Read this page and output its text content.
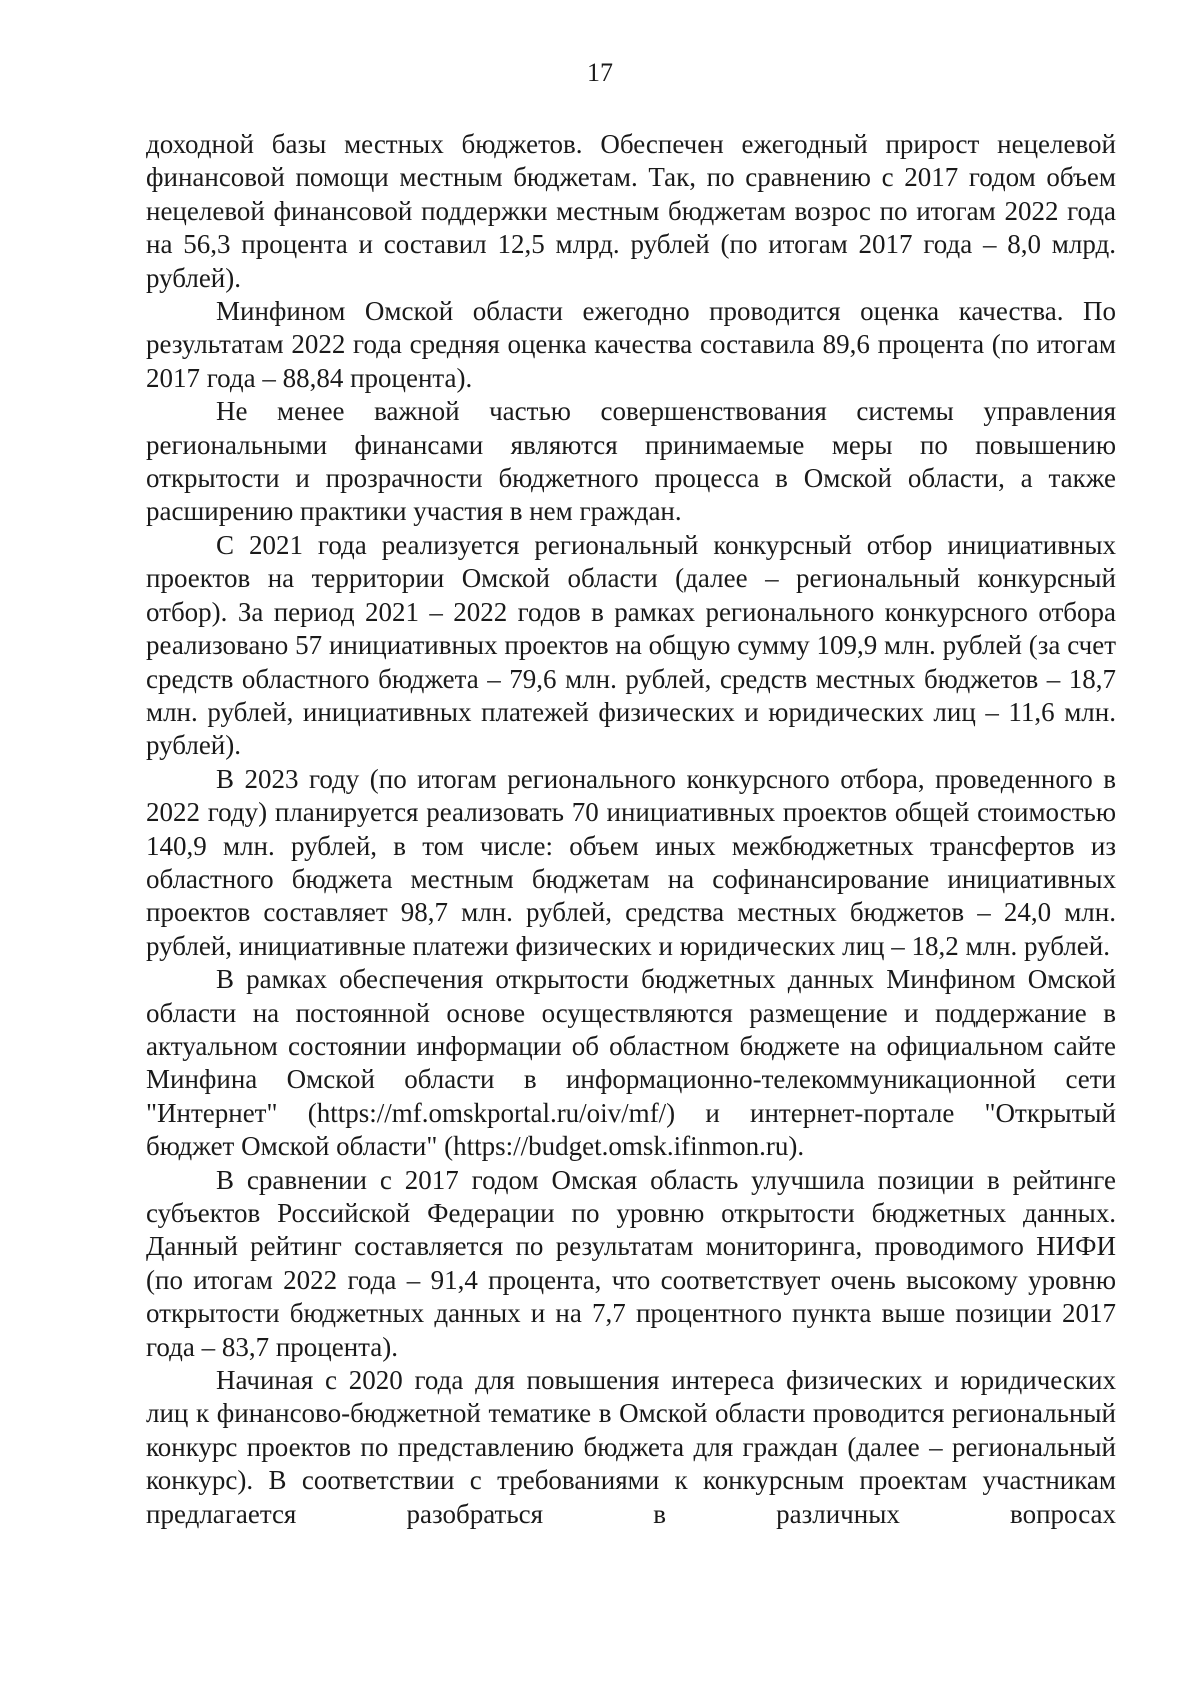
17

доходной базы местных бюджетов. Обеспечен ежегодный прирост нецелевой финансовой помощи местным бюджетам. Так, по сравнению с 2017 годом объем нецелевой финансовой поддержки местным бюджетам возрос по итогам 2022 года на 56,3 процента и составил 12,5 млрд. рублей (по итогам 2017 года – 8,0 млрд. рублей).

Минфином Омской области ежегодно проводится оценка качества. По результатам 2022 года средняя оценка качества составила 89,6 процента (по итогам 2017 года – 88,84 процента).

Не менее важной частью совершенствования системы управления региональными финансами являются принимаемые меры по повышению открытости и прозрачности бюджетного процесса в Омской области, а также расширению практики участия в нем граждан.

С 2021 года реализуется региональный конкурсный отбор инициативных проектов на территории Омской области (далее – региональный конкурсный отбор). За период 2021 – 2022 годов в рамках регионального конкурсного отбора реализовано 57 инициативных проектов на общую сумму 109,9 млн. рублей (за счет средств областного бюджета – 79,6 млн. рублей, средств местных бюджетов – 18,7 млн. рублей, инициативных платежей физических и юридических лиц – 11,6 млн. рублей).

В 2023 году (по итогам регионального конкурсного отбора, проведенного в 2022 году) планируется реализовать 70 инициативных проектов общей стоимостью 140,9 млн. рублей, в том числе: объем иных межбюджетных трансфертов из областного бюджета местным бюджетам на софинансирование инициативных проектов составляет 98,7 млн. рублей, средства местных бюджетов – 24,0 млн. рублей, инициативные платежи физических и юридических лиц – 18,2 млн. рублей.

В рамках обеспечения открытости бюджетных данных Минфином Омской области на постоянной основе осуществляются размещение и поддержание в актуальном состоянии информации об областном бюджете на официальном сайте Минфина Омской области в информационно-телекоммуникационной сети "Интернет" (https://mf.omskportal.ru/oiv/mf/) и интернет-портале "Открытый бюджет Омской области" (https://budget.omsk.ifinmon.ru).

В сравнении с 2017 годом Омская область улучшила позиции в рейтинге субъектов Российской Федерации по уровню открытости бюджетных данных. Данный рейтинг составляется по результатам мониторинга, проводимого НИФИ (по итогам 2022 года – 91,4 процента, что соответствует очень высокому уровню открытости бюджетных данных и на 7,7 процентного пункта выше позиции 2017 года – 83,7 процента).

Начиная с 2020 года для повышения интереса физических и юридических лиц к финансово-бюджетной тематике в Омской области проводится региональный конкурс проектов по представлению бюджета для граждан (далее – региональный конкурс). В соответствии с требованиями к конкурсным проектам участникам предлагается разобраться в различных вопросах
